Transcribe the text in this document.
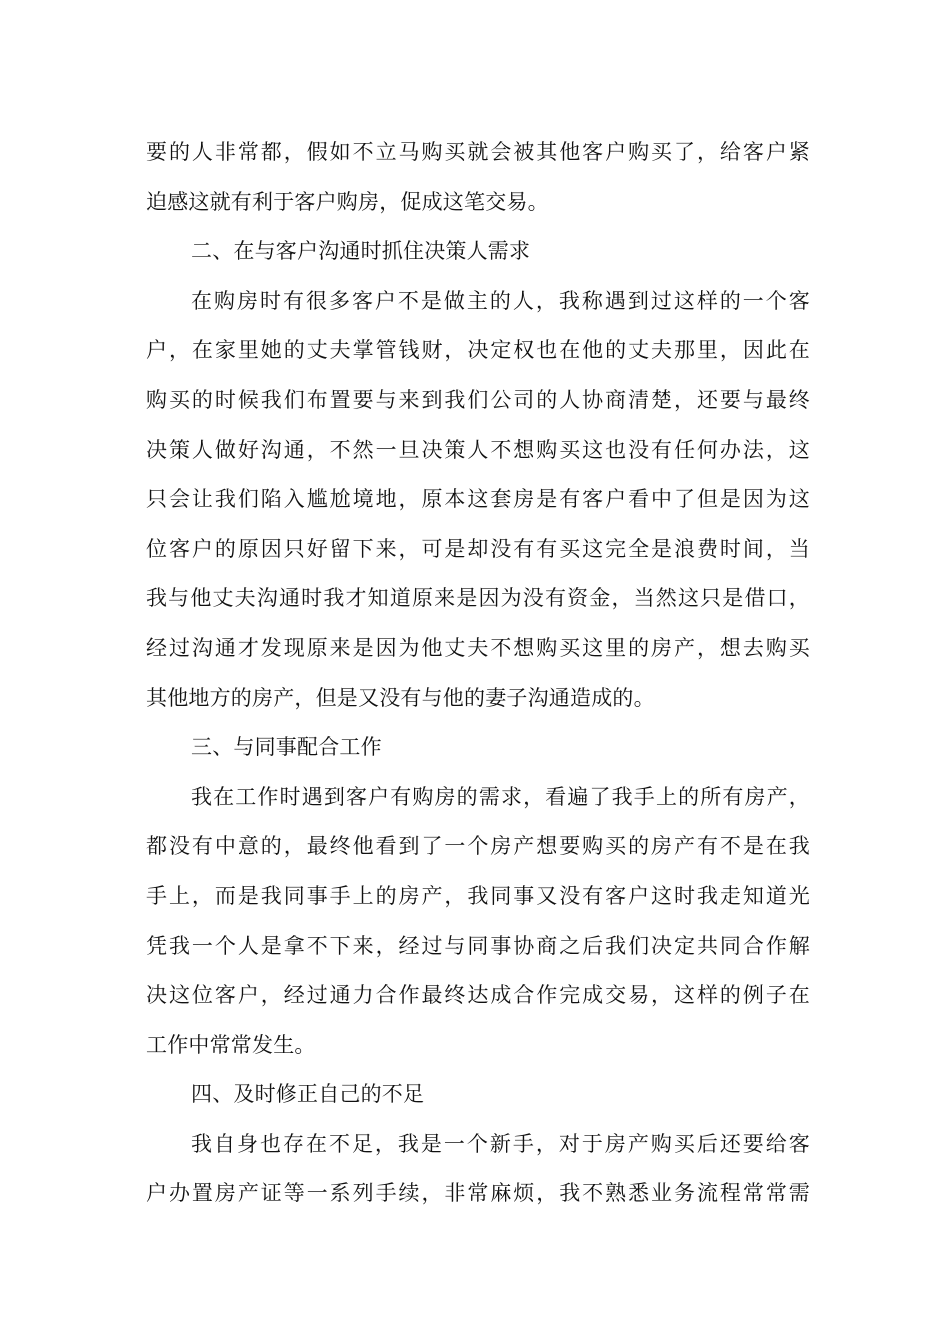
要的人非常都，假如不立马购买就会被其他客户购买了，给客户紧
迫感这就有利于客户购房，促成这笔交易。
二、在与客户沟通时抓住决策人需求
在购房时有很多客户不是做主的人，我称遇到过这样的一个客
户，在家里她的丈夫掌管钱财，决定权也在他的丈夫那里，因此在
购买的时候我们布置要与来到我们公司的人协商清楚，还要与最终
决策人做好沟通，不然一旦决策人不想购买这也没有任何办法，这
只会让我们陷入尴尬境地，原本这套房是有客户看中了但是因为这
位客户的原因只好留下来，可是却没有有买这完全是浪费时间，当
我与他丈夫沟通时我才知道原来是因为没有资金，当然这只是借口，
经过沟通才发现原来是因为他丈夫不想购买这里的房产，想去购买
其他地方的房产，但是又没有与他的妻子沟通造成的。
三、与同事配合工作
我在工作时遇到客户有购房的需求，看遍了我手上的所有房产，
都没有中意的，最终他看到了一个房产想要购买的房产有不是在我
手上，而是我同事手上的房产，我同事又没有客户这时我走知道光
凭我一个人是拿不下来，经过与同事协商之后我们决定共同合作解
决这位客户，经过通力合作最终达成合作完成交易，这样的例子在
工作中常常发生。
四、及时修正自己的不足
我自身也存在不足，我是一个新手，对于房产购买后还要给客
户办置房产证等一系列手续，非常麻烦，我不熟悉业务流程常常需
